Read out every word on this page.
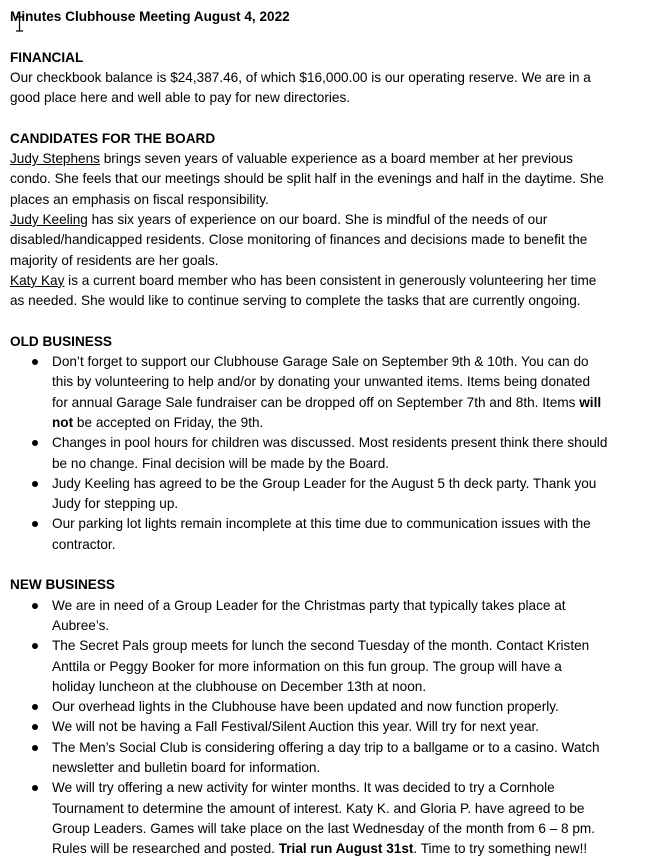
Minutes Clubhouse Meeting August 4, 2022
FINANCIAL

Our checkbook balance is $24,387.46, of which $16,000.00 is our operating reserve. We are in a
good place here and well able to pay for new directories.

CANDIDATES FOR THE BOARD

Judy Stephens brings seven years of valuable experience as a board member at her previous
condo. She feels that our meetings should be split half in the evenings and half in the daytime. She
places an emphasis on fiscal responsibility.

Judy Keeling has six years of experience on our board. She is mindful of the needs of our
disabled/handicapped residents. Close monitoring of finances and decisions made to benefit the
majority of residents are her goals.

Katy Kay is a current board member who has been consistent in generously volunteering her time
as needed. She would like to continue serving to complete the tasks that are currently ongoing.

OLD BUSINESS
Don’t forget to support our Clubhouse Garage Sale on September 9th & 10th. You can do
this by volunteering to help and/or by donating your unwanted items. Items being donated
for annual Garage Sale fundraiser can be dropped off on September 7th and 8th. Items will
not be accepted on Friday, the 9th.
Changes in pool hours for children was discussed. Most residents present think there should
be no change. Final decision will be made by the Board.
Judy Keeling has agreed to be the Group Leader for the August 5 th deck party. Thank you
Judy for stepping up.
Our parking lot lights remain incomplete at this time due to communication issues with the
contractor.
NEW BUSINESS
We are in need of a Group Leader for the Christmas party that typically takes place at
Aubree’s.
The Secret Pals group meets for lunch the second Tuesday of the month. Contact Kristen
Anttila or Peggy Booker for more information on this fun group. The group will have a
holiday luncheon at the clubhouse on December 13th at noon.
Our overhead lights in the Clubhouse have been updated and now function properly.
We will not be having a Fall Festival/Silent Auction this year. Will try for next year.
The Men’s Social Club is considering offering a day trip to a ballgame or to a casino. Watch
newsletter and bulletin board for information.
We will try offering a new activity for winter months. It was decided to try a Cornhole
Tournament to determine the amount of interest. Katy K. and Gloria P. have agreed to be
Group Leaders. Games will take place on the last Wednesday of the month from 6 – 8 pm.
Rules will be researched and posted. Trial run August 31st. Time to try something new!!
